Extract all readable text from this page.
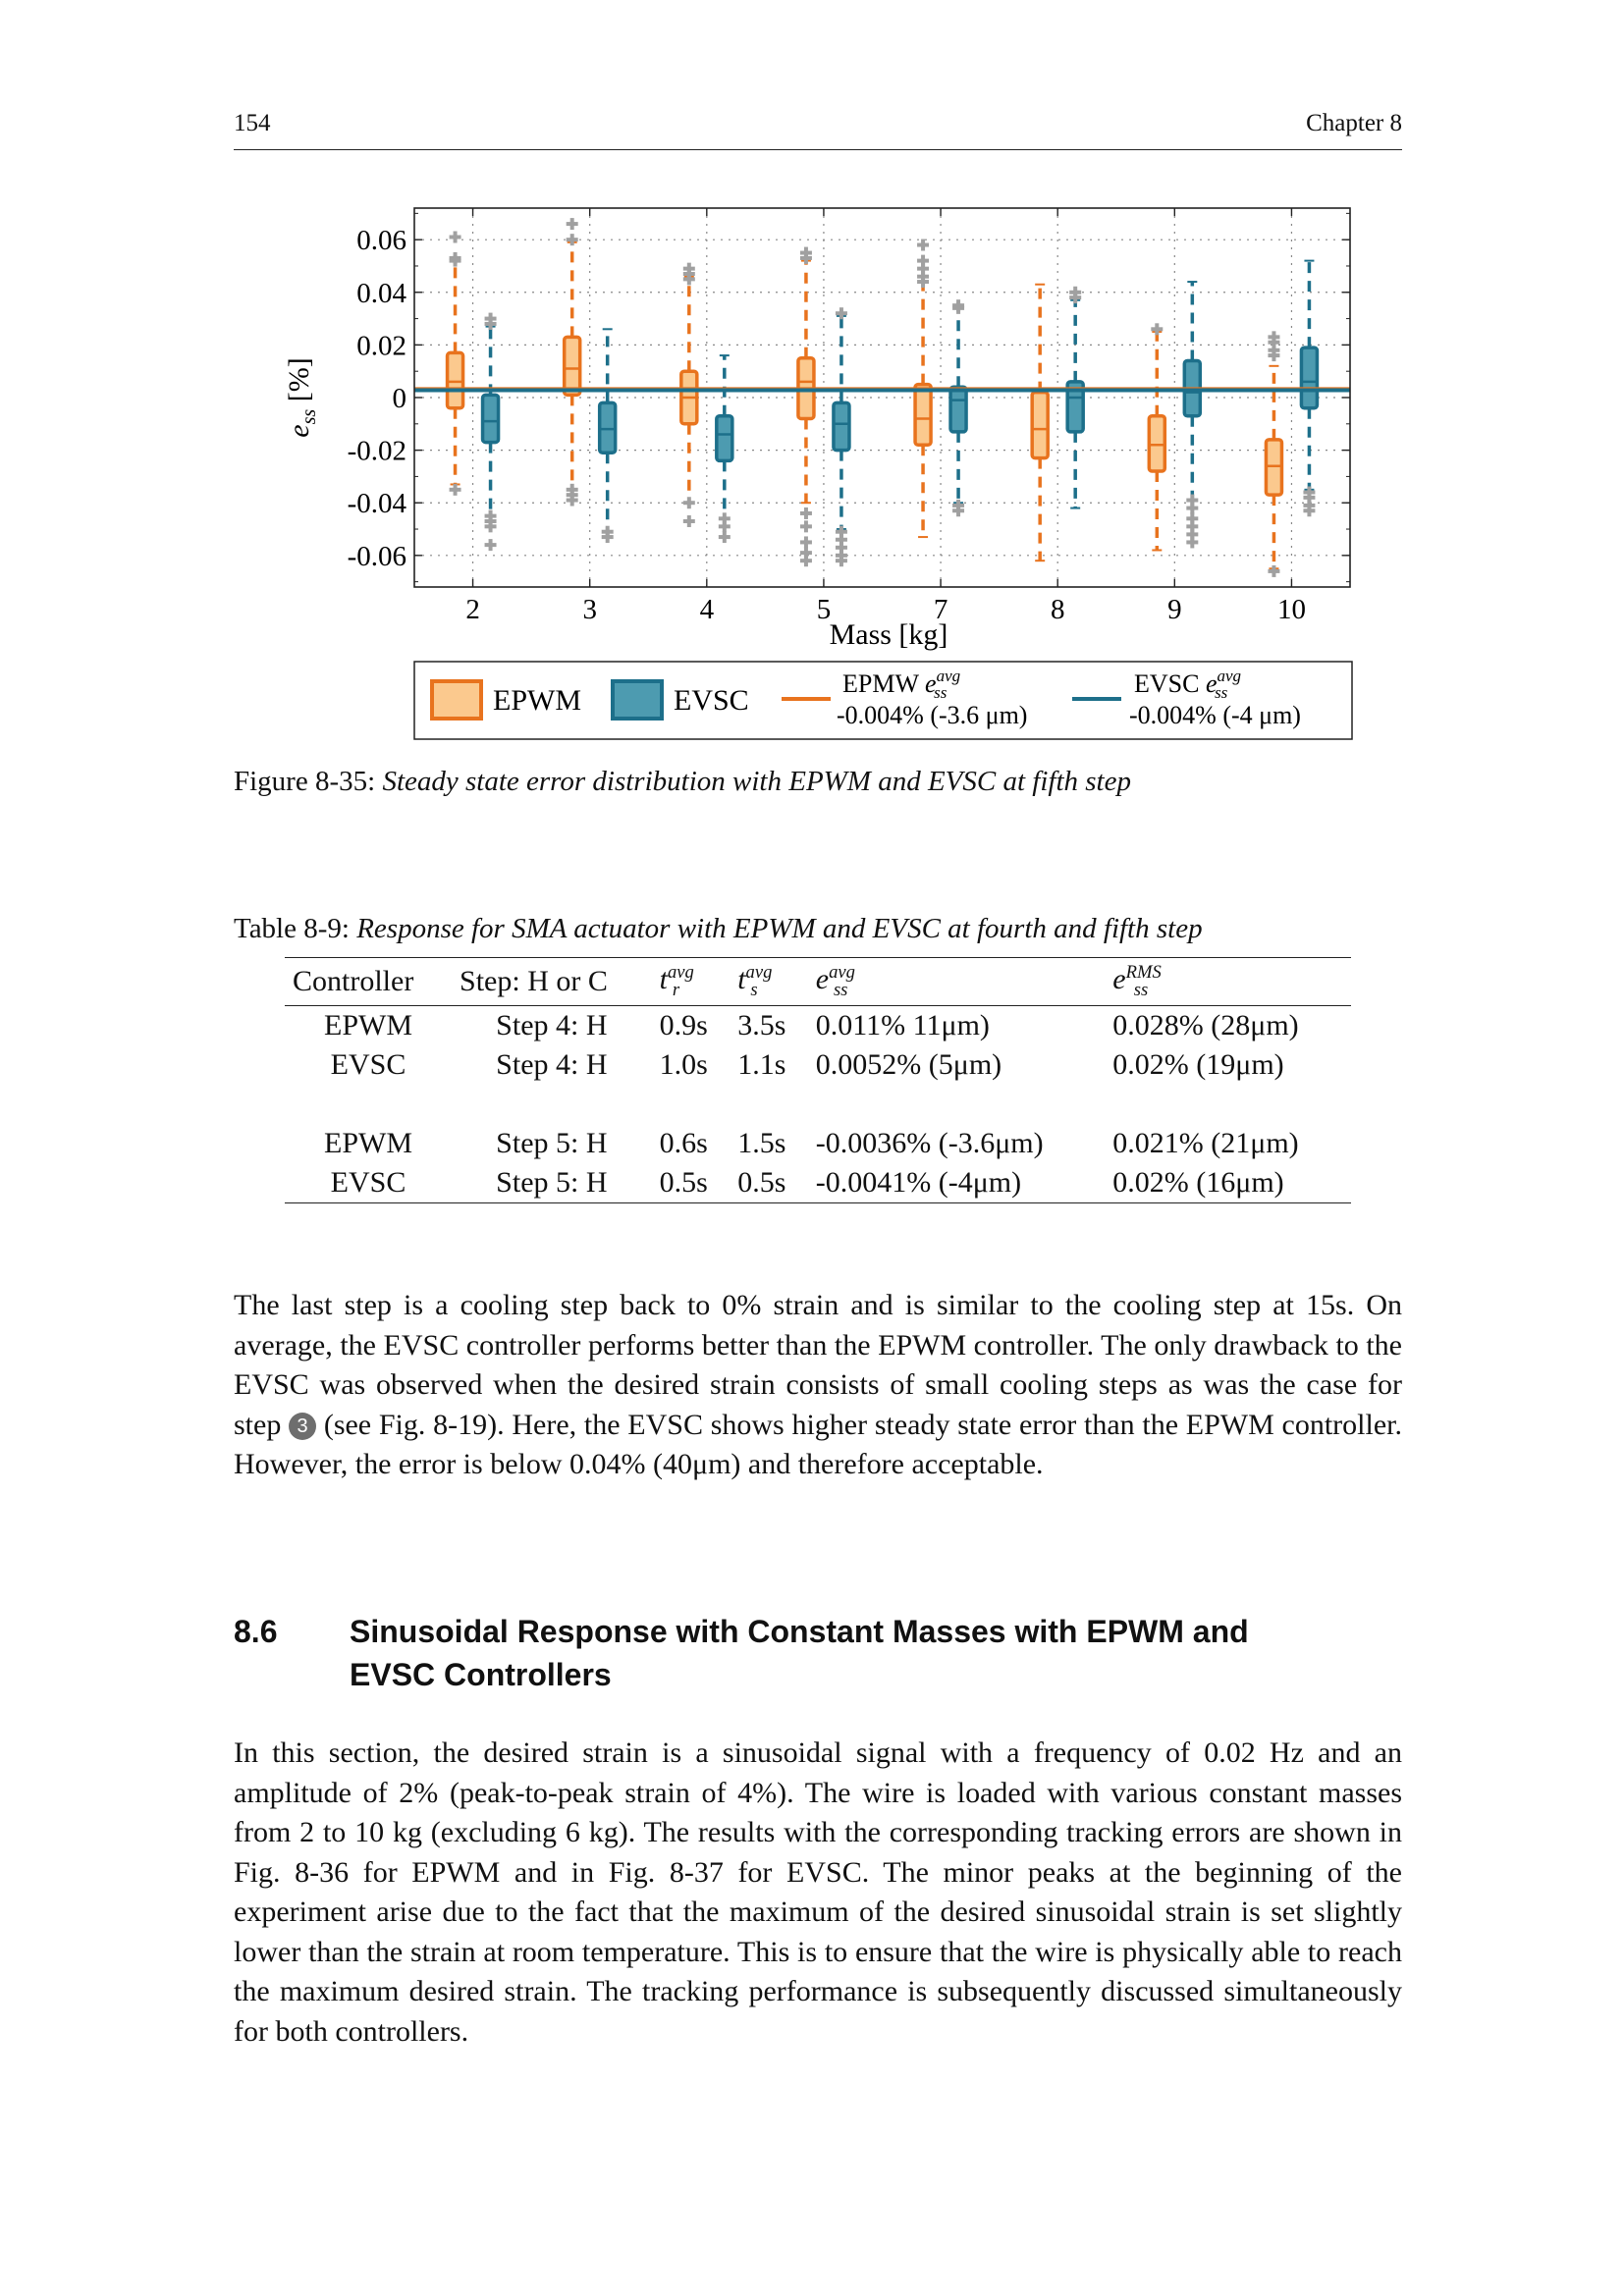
154	Chapter 8
0.06
0.04
0.02
0
-0.02
-0.04
-0.06
2	3	4	5	7	8	9	10
Mass [kg]
$e_{ss}$ [%]
EPWM	EVSC
EPMW $e^{avg}$ ss
-0.004% (-3.6 μm)
EVSC $e^{avg}$ ss
-0.004% (-4 μm)
Figure 8-35: Steady state error distribution with EPWM and EVSC at fifth step
Table 8-9: Response for SMA actuator with EPWM and EVSC at fourth and fifth step
Controller	Step: H or C	$t^{avg}_r$	$t^{avg}_s$	$e^{avg}_{ss}$	$e^{RMS}_{ss}$
EPWM	Step 4: H	0.9s	3.5s	0.011% 11μm)	0.028% (28μm)
EVSC	Step 4: H	1.0s	1.1s	0.0052% (5μm)	0.02% (19μm)

EPWM	Step 5: H	0.6s	1.5s	-0.0036% (-3.6μm)	0.021% (21μm)
EVSC	Step 5: H	0.5s	0.5s	-0.0041% (-4μm)	0.02% (16μm)
The last step is a cooling step back to 0% strain and is similar to the cooling step at 15s. On average, the EVSC controller performs better than the EPWM controller. The only drawback to the EVSC was observed when the desired strain consists of small cooling steps as was the case for step 3 (see Fig. 8-19). Here, the EVSC shows higher steady state error than the EPWM controller. However, the error is below 0.04% (40μm) and therefore acceptable.
8.6 Sinusoidal Response with Constant Masses with EPWM and EVSC Controllers
In this section, the desired strain is a sinusoidal signal with a frequency of 0.02 Hz and an amplitude of 2% (peak-to-peak strain of 4%). The wire is loaded with various constant masses from 2 to 10 kg (excluding 6 kg). The results with the corresponding tracking errors are shown in Fig. 8-36 for EPWM and in Fig. 8-37 for EVSC. The minor peaks at the beginning of the experiment arise due to the fact that the maximum of the desired sinusoidal strain is set slightly lower than the strain at room temperature. This is to ensure that the wire is physically able to reach the maximum desired strain. The tracking performance is subsequently discussed simultaneously for both controllers.
